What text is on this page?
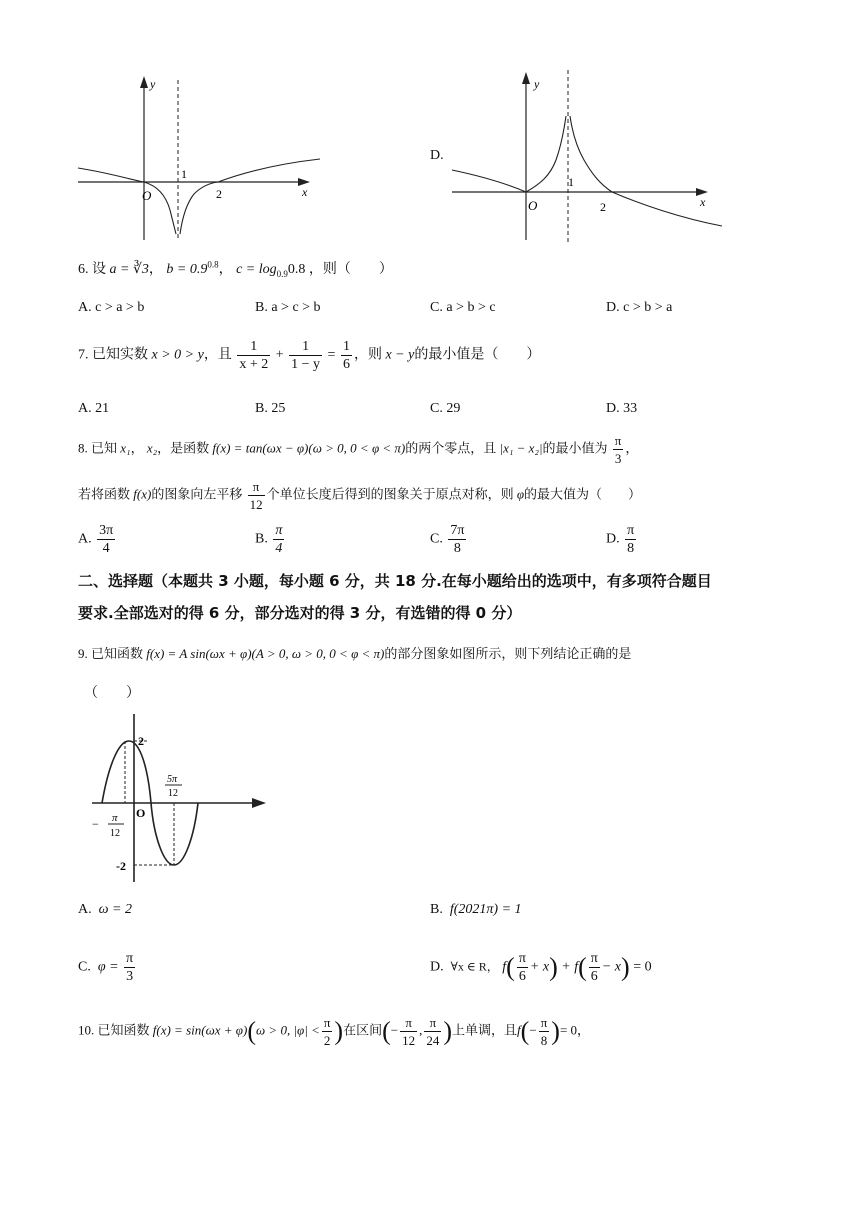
y
x
O
1
2
D.
y
x
O
1
2
6. 设 a = ∛3， $b = 0.9^{0.8}$， $c = \log_{0.9}0.8$ ，则（　　）
A. c > a > b	B. a > c > b	C. a > b > c	D. c > b > a
7. 已知实数 x > 0 > y，且 $\frac{1}{x + 2} + \frac{1}{1 - y} = \frac{1}{6}$ ，则 x − y的最小值是（　　）
A. 21	B. 25	C. 29	D. 33
8. 已知 x₁， x₂，是函数 f(x) = tan(ωx − φ)(ω > 0, 0 < φ < π)的两个零点，且 |x₁ − x₂|的最小值为 $\frac{\pi}{3}$ ，
若将函数 f(x)的图象向左平移 $\frac{\pi}{12}$ 个单位长度后得到的图象关于原点对称，则 φ的最大值为（　　）
A. $\frac{3\pi}{4}$	B. $\frac{\pi}{4}$	C. $\frac{7\pi}{8}$	D. $\frac{\pi}{8}$
二、选择题（本题共 3 小题，每小题 6 分，共 18 分.在每小题给出的选项中，有多项符合题目
要求.全部选对的得 6 分，部分选对的得 3 分，有选错的得 0 分）
9. 已知函数 f(x) = A sin(ωx + φ)(A > 0, ω > 0, 0 < φ < π)的部分图象如图所示，则下列结论正确的是
（　　）
2
-2
O
− π
12
5π
12
A. ω = 2	B. f(2021π) = 1
C. $\varphi = \frac{\pi}{3}$	D. ∀x ∈ R， $f( \frac{\pi}{6} + x) + f( \frac{\pi}{6} - x) = 0$
10. 已知函数 f(x) = sin(ωx + φ)(ω > 0, $|\varphi| < \frac{\pi}{2}$ )在区间(− $\frac{\pi}{12}$ , $\frac{\pi}{24}$ )上单调，且$f(- \frac{\pi}{8}$ )= 0，
